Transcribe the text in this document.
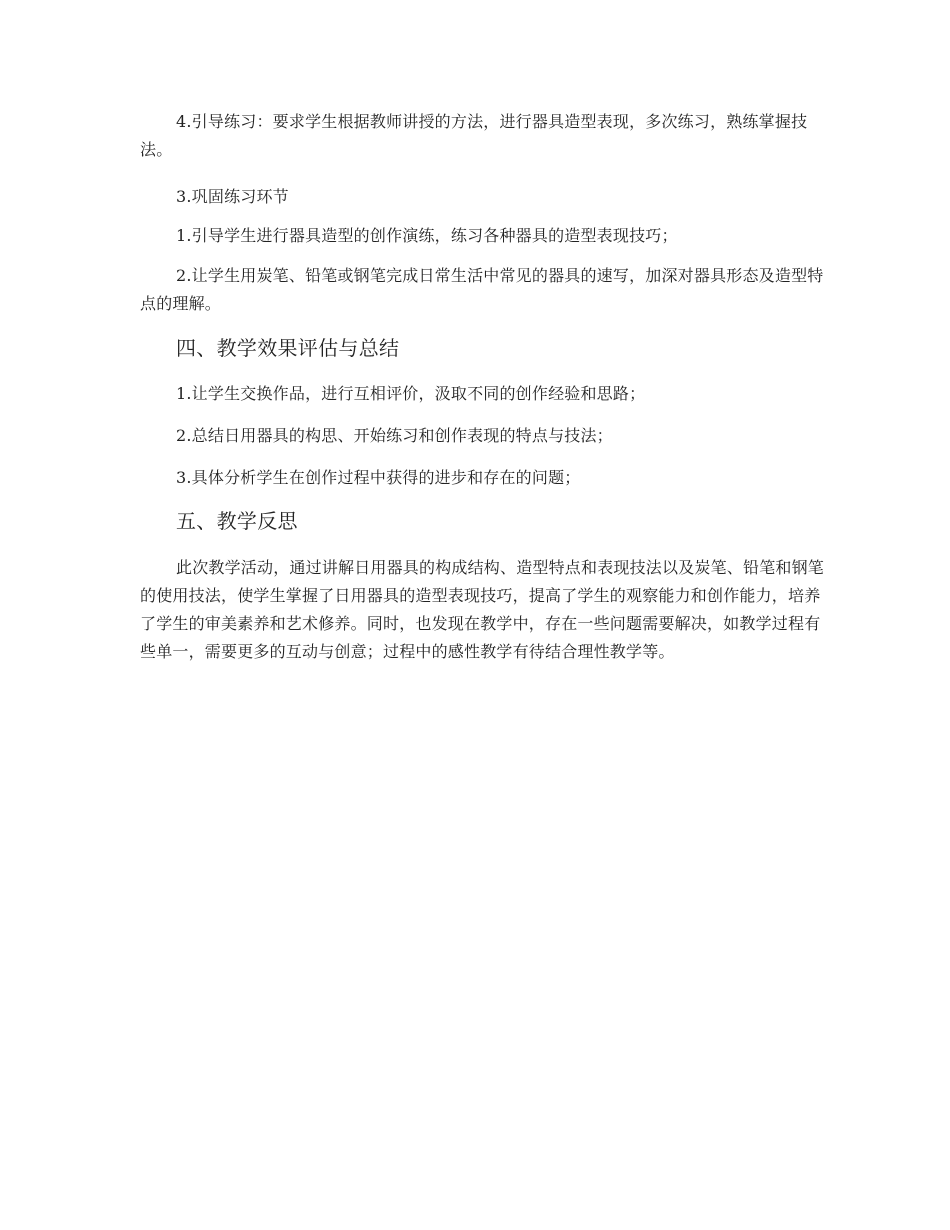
4.引导练习：要求学生根据教师讲授的方法，进行器具造型表现，多次练习，熟练掌握技法。

3.巩固练习环节

1.引导学生进行器具造型的创作演练，练习各种器具的造型表现技巧；

2.让学生用炭笔、铅笔或钢笔完成日常生活中常见的器具的速写，加深对器具形态及造型特点的理解。

四、教学效果评估与总结

1.让学生交换作品，进行互相评价，汲取不同的创作经验和思路；

2.总结日用器具的构思、开始练习和创作表现的特点与技法；

3.具体分析学生在创作过程中获得的进步和存在的问题；

五、教学反思

此次教学活动，通过讲解日用器具的构成结构、造型特点和表现技法以及炭笔、铅笔和钢笔的使用技法，使学生掌握了日用器具的造型表现技巧，提高了学生的观察能力和创作能力，培养了学生的审美素养和艺术修养。同时，也发现在教学中，存在一些问题需要解决，如教学过程有些单一，需要更多的互动与创意；过程中的感性教学有待结合理性教学等。
